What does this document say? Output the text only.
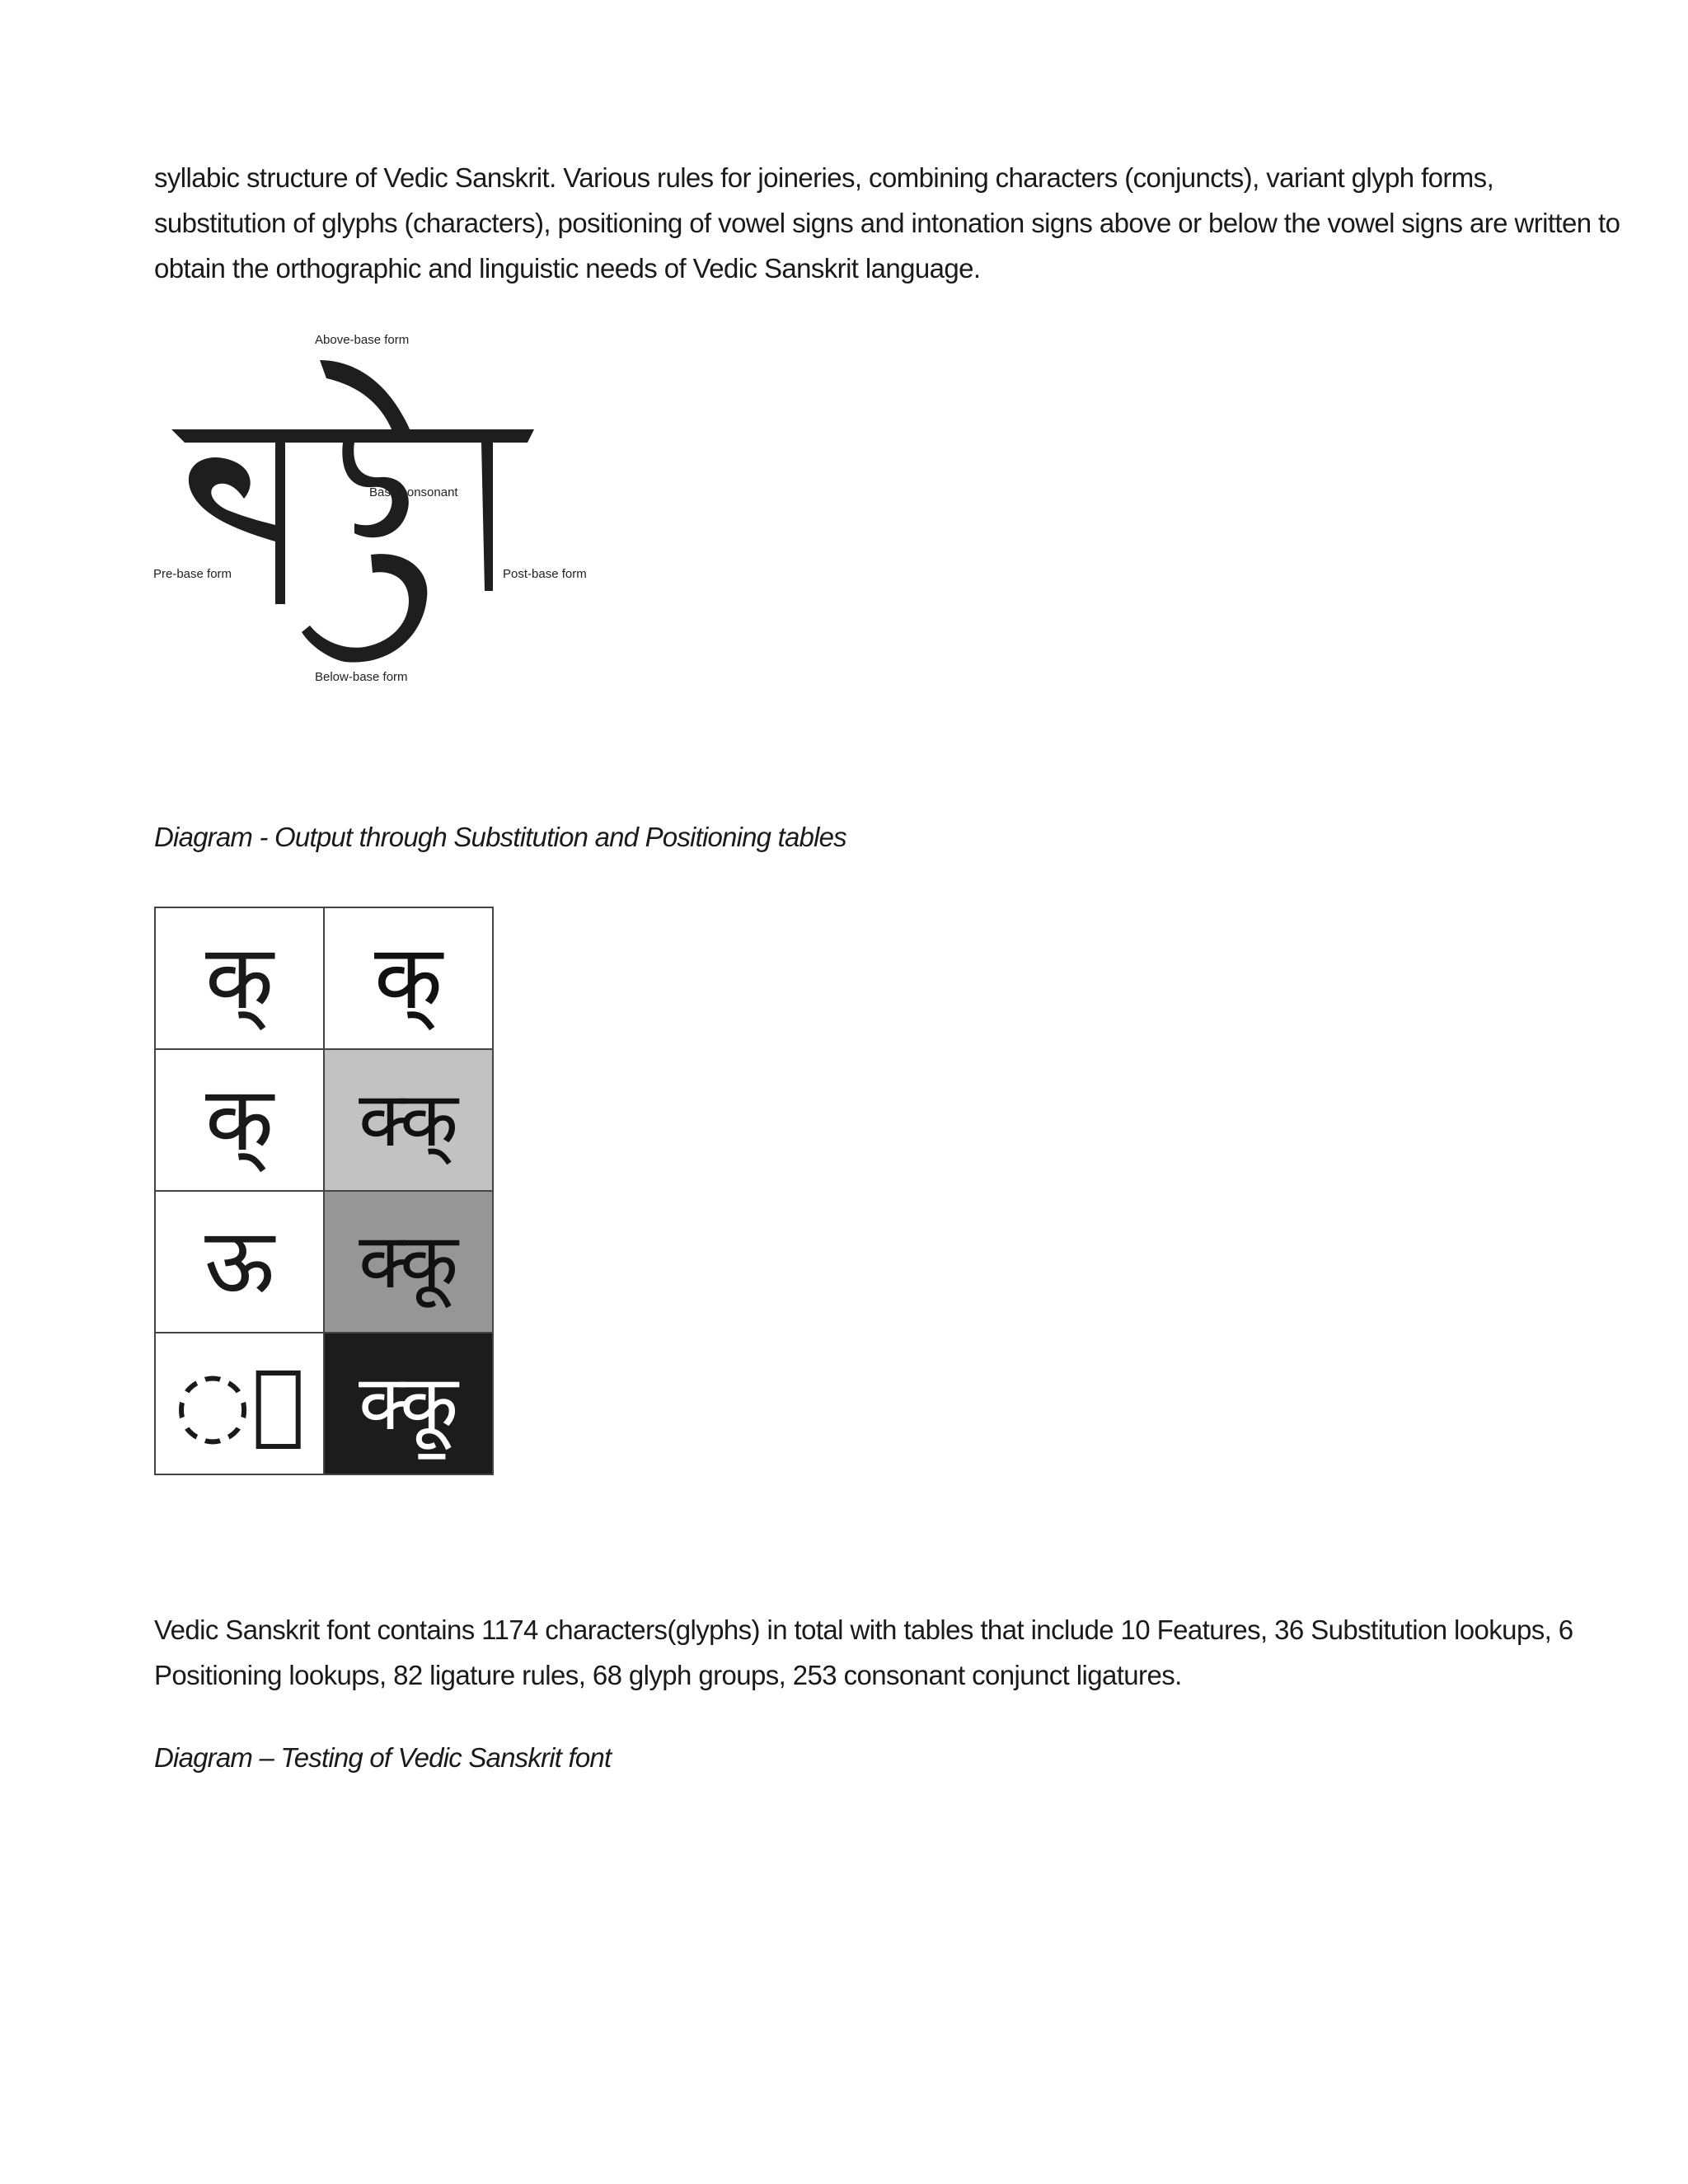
syllabic structure of Vedic Sanskrit. Various rules for joineries, combining characters (conjuncts), variant glyph forms,
substitution of glyphs (characters), positioning of vowel signs and intonation signs above or below the vowel signs are written to
obtain the orthographic and linguistic needs of Vedic Sanskrit language.

Above-base form
Base consonant
Pre-base form	Post-base form
Below-base form

Diagram - Output through Substitution and Positioning tables

क्	क्
क्	क्क्
ऊ	क्कू
◌॒	क्कू॒

Vedic Sanskrit font contains 1174 characters(glyphs) in total with tables that include 10 Features, 36 Substitution lookups, 6
Positioning lookups, 82 ligature rules, 68 glyph groups, 253 consonant conjunct ligatures.

Diagram – Testing of Vedic Sanskrit font
